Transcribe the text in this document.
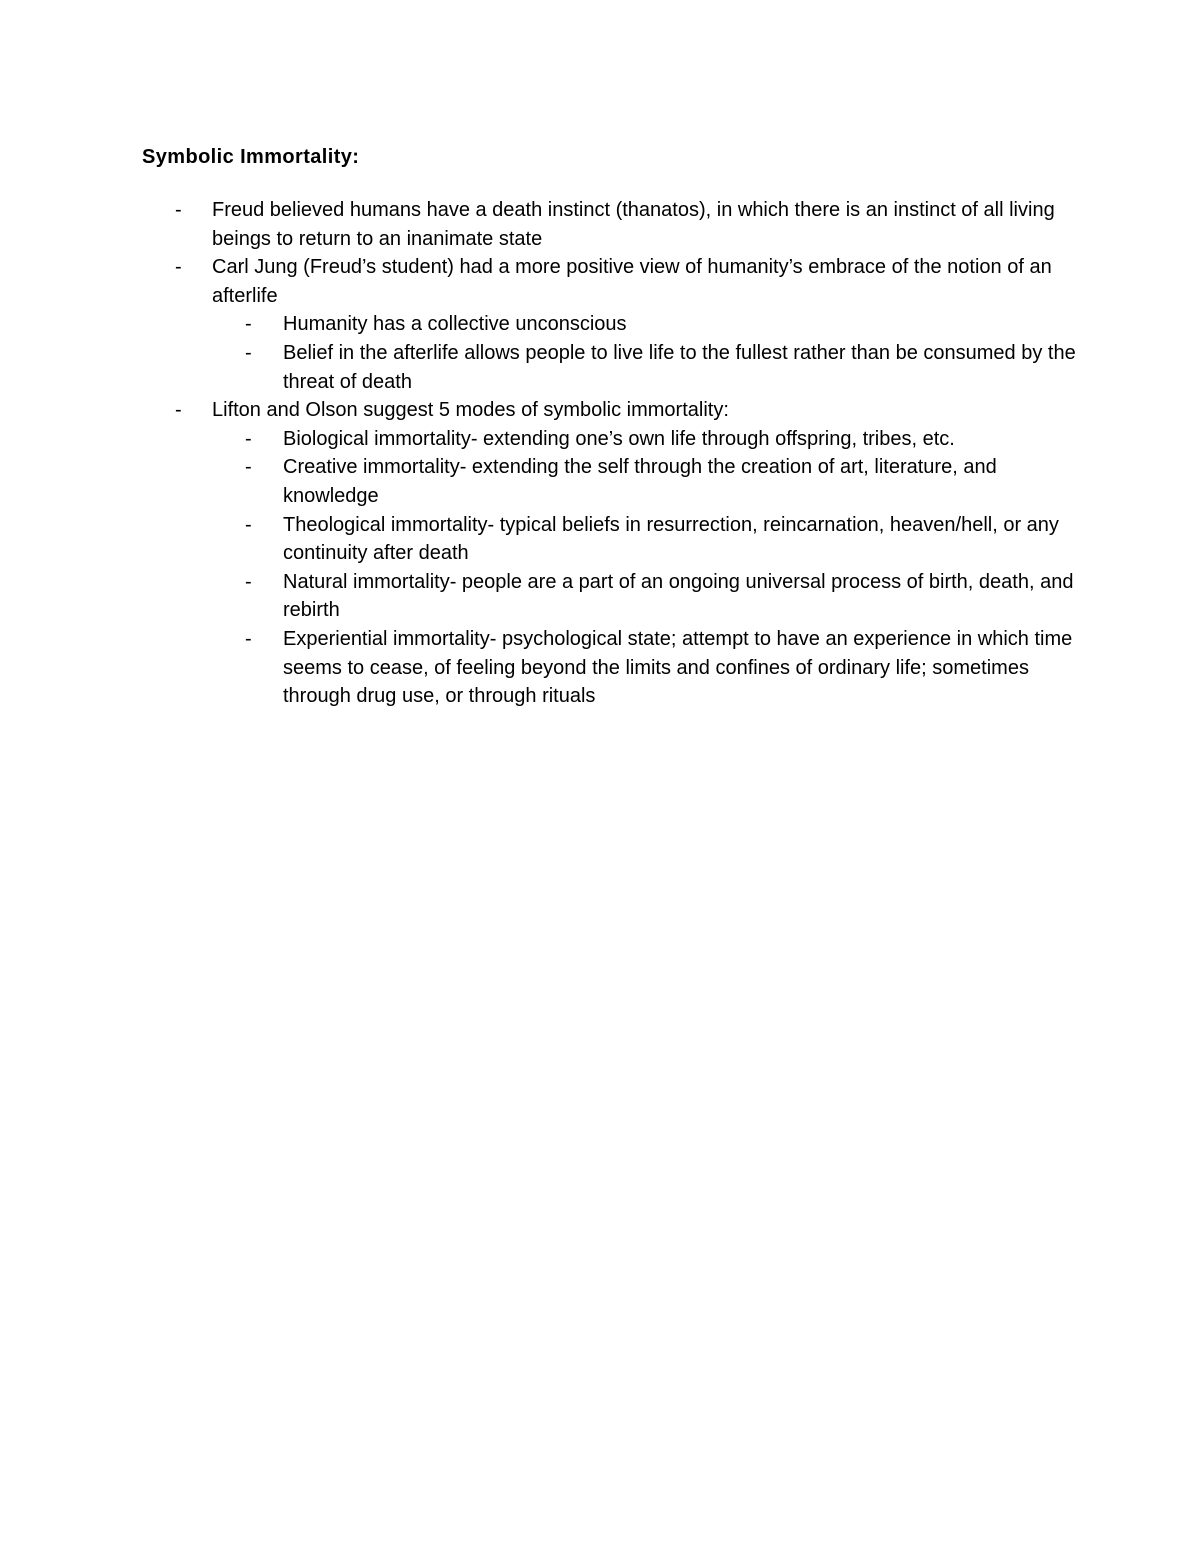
Symbolic Immortality:
- Freud believed humans have a death instinct (thanatos), in which there is an instinct of all living beings to return to an inanimate state
- Carl Jung (Freud’s student) had a more positive view of humanity’s embrace of the notion of an afterlife
- Humanity has a collective unconscious
- Belief in the afterlife allows people to live life to the fullest rather than be consumed by the threat of death
- Lifton and Olson suggest 5 modes of symbolic immortality:
- Biological immortality- extending one’s own life through offspring, tribes, etc.
- Creative immortality- extending the self through the creation of art, literature, and knowledge
- Theological immortality- typical beliefs in resurrection, reincarnation, heaven/hell, or any continuity after death
- Natural immortality- people are a part of an ongoing universal process of birth, death, and rebirth
- Experiential immortality- psychological state; attempt to have an experience in which time seems to cease, of feeling beyond the limits and confines of ordinary life; sometimes through drug use, or through rituals
